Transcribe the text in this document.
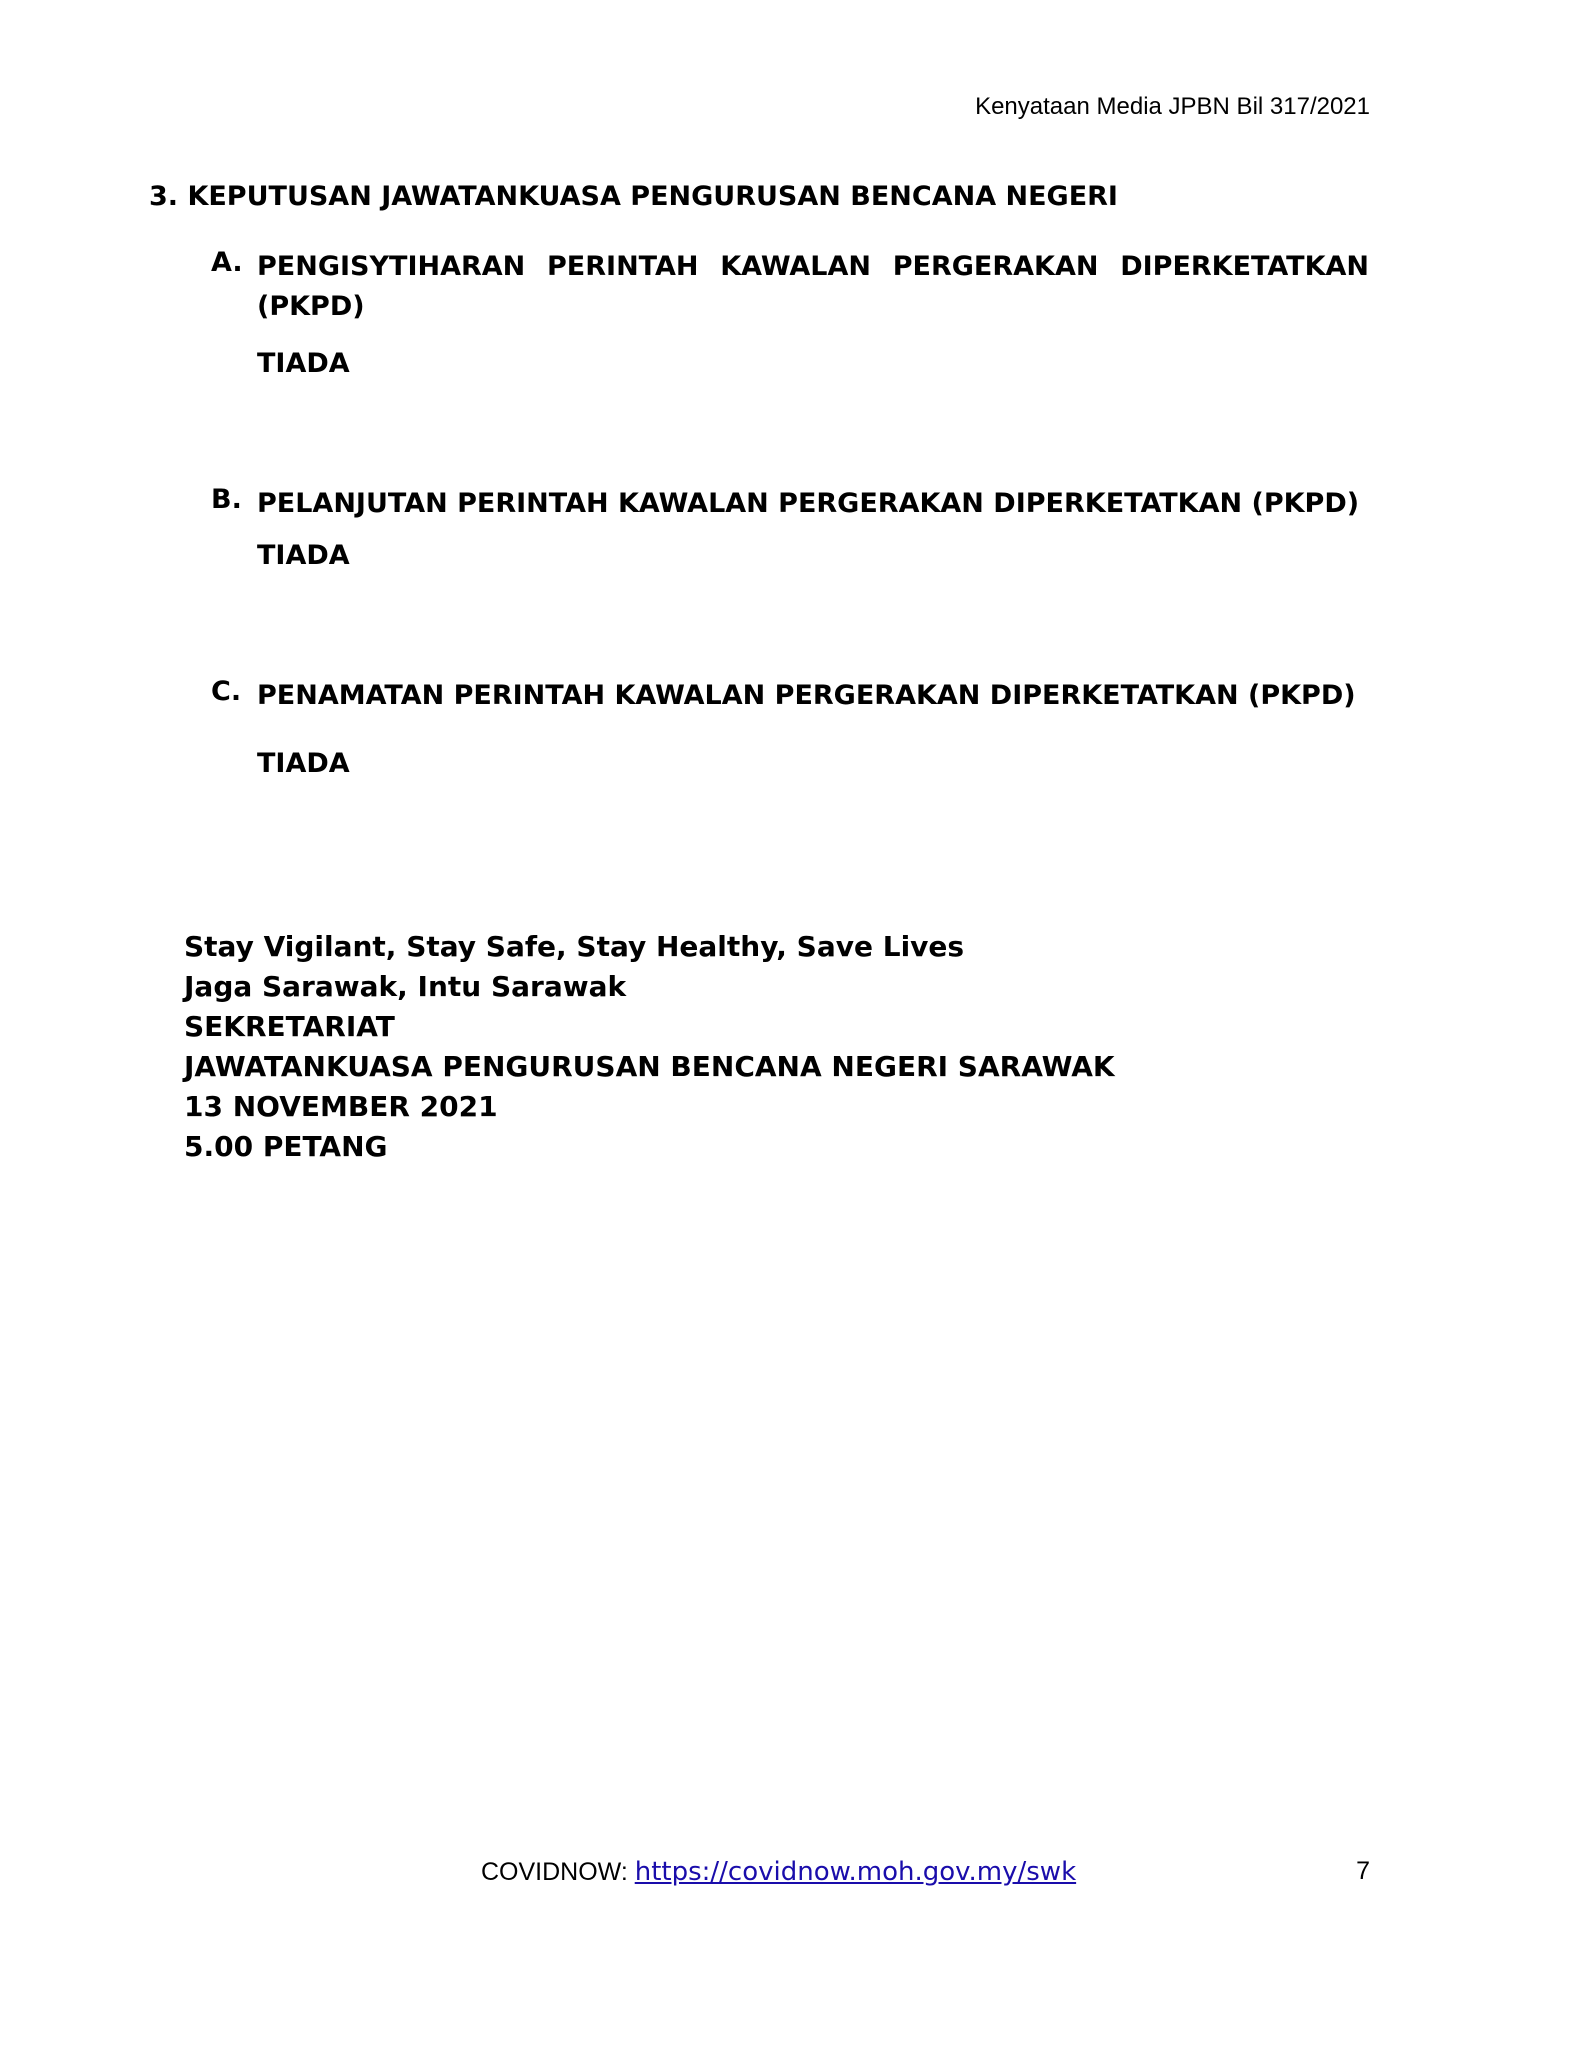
Kenyataan Media JPBN Bil 317/2021
3. KEPUTUSAN JAWATANKUASA PENGURUSAN BENCANA NEGERI
A. PENGISYTIHARAN PERINTAH KAWALAN PERGERAKAN DIPERKETATKAN (PKPD)
TIADA
B. PELANJUTAN PERINTAH KAWALAN PERGERAKAN DIPERKETATKAN (PKPD)
TIADA
C. PENAMATAN PERINTAH KAWALAN PERGERAKAN DIPERKETATKAN (PKPD)
TIADA
Stay Vigilant, Stay Safe, Stay Healthy, Save Lives
Jaga Sarawak, Intu Sarawak
SEKRETARIAT
JAWATANKUASA PENGURUSAN BENCANA NEGERI SARAWAK
13 NOVEMBER 2021
5.00 PETANG
COVIDNOW: https://covidnow.moh.gov.my/swk	7
